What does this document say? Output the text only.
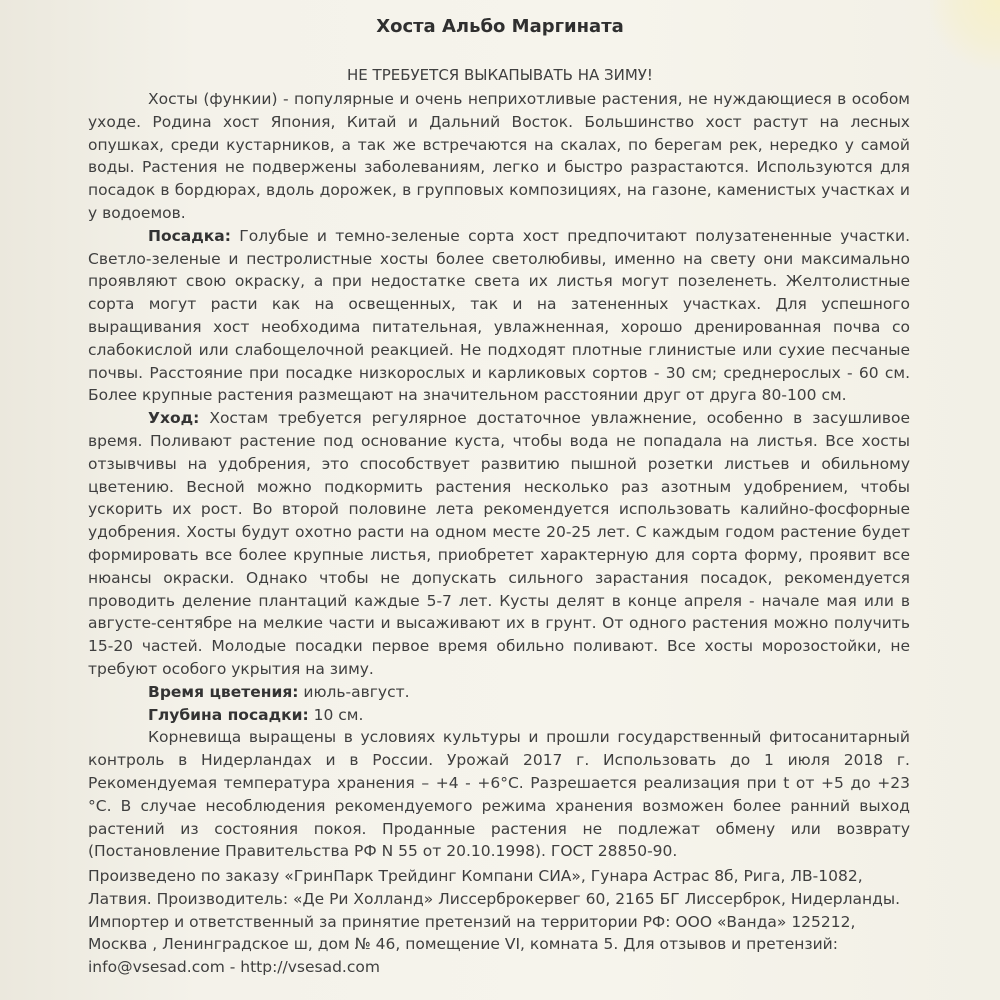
Хоста Альбо Маргината
НЕ ТРЕБУЕТСЯ ВЫКАПЫВАТЬ НА ЗИМУ!

Хосты (функии) - популярные и очень неприхотливые растения, не нуждающиеся в особом уходе. Родина хост Япония, Китай и Дальний Восток. Большинство хост растут на лесных опушках, среди кустарников, а так же встречаются на скалах, по берегам рек, нередко у самой воды. Растения не подвержены заболеваниям, легко и быстро разрастаются. Используются для посадок в бордюрах, вдоль дорожек, в групповых композициях, на газоне, каменистых участках и у водоемов.

Посадка: Голубые и темно-зеленые сорта хост предпочитают полузатененные участки. Светло-зеленые и пестролистные хосты более светолюбивы, именно на свету они максимально проявляют свою окраску, а при недостатке света их листья могут позеленеть. Желтолистные сорта могут расти как на освещенных, так и на затененных участках. Для успешного выращивания хост необходима питательная, увлажненная, хорошо дренированная почва со слабокислой или слабощелочной реакцией. Не подходят плотные глинистые или сухие песчаные почвы. Расстояние при посадке низкорослых и карликовых сортов - 30 см; среднерослых - 60 см. Более крупные растения размещают на значительном расстоянии друг от друга 80-100 см.

Уход: Хостам требуется регулярное достаточное увлажнение, особенно в засушливое время. Поливают растение под основание куста, чтобы вода не попадала на листья. Все хосты отзывчивы на удобрения, это способствует развитию пышной розетки листьев и обильному цветению. Весной можно подкормить растения несколько раз азотным удобрением, чтобы ускорить их рост. Во второй половине лета рекомендуется использовать калийно-фосфорные удобрения. Хосты будут охотно расти на одном месте 20-25 лет. С каждым годом растение будет формировать все более крупные листья, приобретет характерную для сорта форму, проявит все нюансы окраски. Однако чтобы не допускать сильного зарастания посадок, рекомендуется проводить деление плантаций каждые 5-7 лет. Кусты делят в конце апреля - начале мая или в августе-сентябре на мелкие части и высаживают их в грунт. От одного растения можно получить 15-20 частей. Молодые посадки первое время обильно поливают. Все хосты морозостойки, не требуют особого укрытия на зиму.

Время цветения: июль-август.

Глубина посадки: 10 см.

Корневища выращены в условиях культуры и прошли государственный фитосанитарный контроль в Нидерландах и в России. Урожай 2017 г. Использовать до 1 июля 2018 г. Рекомендуемая температура хранения – +4 - +6°С. Разрешается реализация при t от +5 до +23 °С. В случае несоблюдения рекомендуемого режима хранения возможен более ранний выход растений из состояния покоя. Проданные растения не подлежат обмену или возврату (Постановление Правительства РФ N 55 от 20.10.1998). ГОСТ 28850-90.

Произведено по заказу «ГринПарк Трейдинг Компани СИА», Гунара Астрас 8б, Рига, ЛВ-1082, Латвия. Производитель: «Де Ри Холланд» Лиссерброкервег 60, 2165 БГ Лиссерброк, Нидерланды. Импортер и ответственный за принятие претензий на территории РФ: ООО «Ванда» 125212, Москва , Ленинградское ш, дом № 46, помещение VI, комната 5. Для отзывов и претензий: info@vsesad.com - http://vsesad.com
